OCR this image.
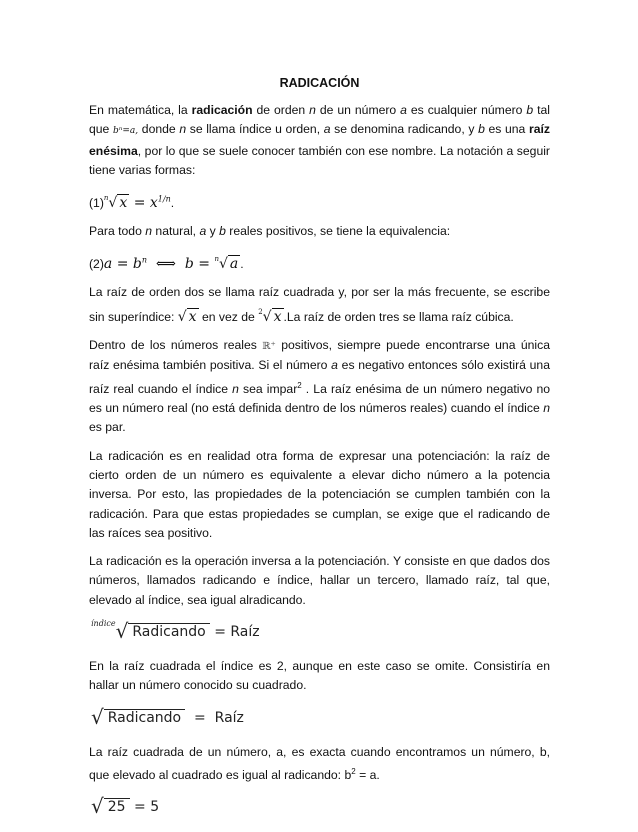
RADICACIÓN

En matemática, la radicación de orden n de un número a es cualquier número b tal que bⁿ=a, donde n se llama índice u orden, a se denomina radicando, y b es una raíz enésima, por lo que se suele conocer también con ese nombre. La notación a seguir tiene varias formas:

$(1)^n√$ $x = x^{1/n}$.

Para todo n natural, a y b reales positivos, se tiene la equivalencia:

$(2)a = b^n$  ⟺  b = $^n$√ a .

La raíz de orden dos se llama raíz cuadrada y, por ser la más frecuente, se escribe sin superíndice: √ x en vez de $^2$√ x .La raíz de orden tres se llama raíz cúbica.

Dentro de los números reales ℝ⁺ positivos, siempre puede encontrarse una única raíz enésima también positiva. Si el número a es negativo entonces sólo existirá una raíz real cuando el índice n sea impar$^2$ . La raíz enésima de un número negativo no es un número real (no está definida dentro de los números reales) cuando el índice n es par.

La radicación es en realidad otra forma de expresar una potenciación: la raíz de cierto orden de un número es equivalente a elevar dicho número a la potencia inversa. Por esto, las propiedades de la potenciación se cumplen también con la radicación. Para que estas propiedades se cumplan, se exige que el radicando de las raíces sea positivo.

La radicación es la operación inversa a la potenciación. Y consiste en que dados dos números, llamados radicando e índice, hallar un tercero, llamado raíz, tal que, elevado al índice, sea igual alradicando.

$^{índice}$√ Radicando = Raíz

En la raíz cuadrada el índice es 2, aunque en este caso se omite. Consistiría en hallar un número conocido su cuadrado.

√ Radicando  =  Raíz

La raíz cuadrada de un número, a, es exacta cuando encontramos un número, b, que elevado al cuadrado es igual al radicando: $b^2 = a$.

√ 25 = 5
